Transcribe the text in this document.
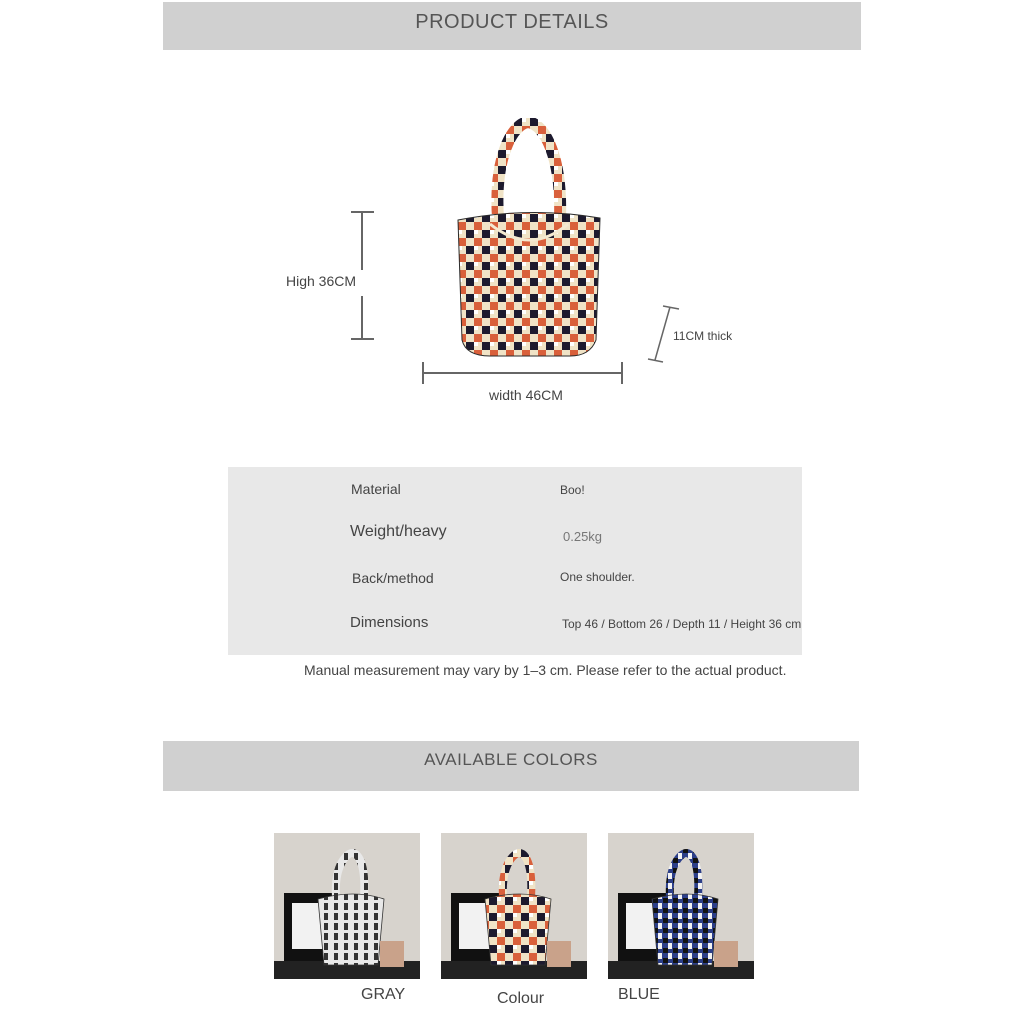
PRODUCT DETAILS
High 36CM
width 46CM
11CM thick
Material	Boo!
Weight/heavy	0.25kg
Back/method	One shoulder.
Dimensions	Top 46 / Bottom 26 / Depth 11 / Height 36 cm
Manual measurement may vary by 1–3 cm. Please refer to the actual product.
AVAILABLE COLORS
GRAY	Colour	BLUE
